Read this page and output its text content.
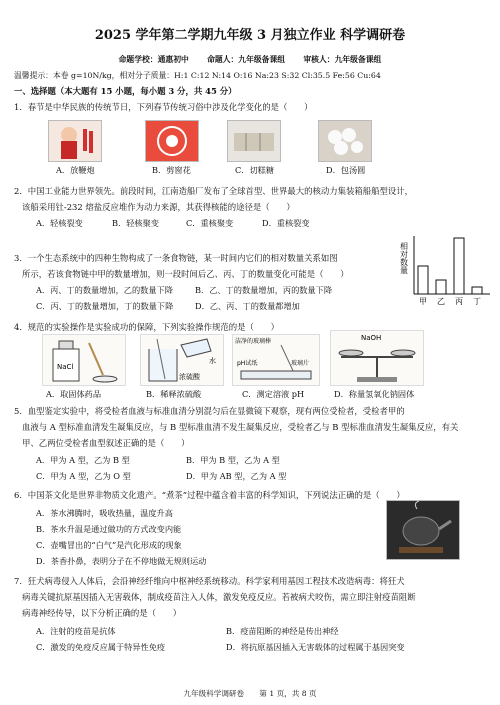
2025 学年第二学期九年级 3 月独立作业 科学调研卷
命题学校：通惠初中   命题人：九年级备课组   审核人：九年级备课组
温馨提示：本卷 g=10N/kg，相对分子质量：H:1 C:12 N:14 O:16 Na:23 S:32 Cl:35.5 Fe:56 Cu:64
一、选择题（本大题有 15 小题，每小题 3 分，共 45 分）
1．春节是中华民族的传统节日，下列春节传统习俗中涉及化学变化的是（　　）
A．放鞭炮	B．剪窗花	C．切糕糖	D．包汤圆
2．中国工业能力世界领先。前段时间，江南造船厂发布了全球首型、世界最大的核动力集装箱船船型设计，
该船采用钍-232 熔盐反应堆作为动力来源，其获得核能的途径是（　　）
A．轻核裂变	B．轻核聚变	C．重核聚变	D．重核裂变
3．一个生态系统中的四种生物构成了一条食物链，某一时间内它们的相对数量关系如图
所示，若该食物链中甲的数量增加，则一段时间后乙、丙、丁的数量变化可能是（　　）
A．丙、丁的数量增加，乙的数量下降	B．乙、丁的数量增加，丙的数量下降
C．丙、丁的数量增加，丁的数量下降	D．乙、丙、丁的数量都增加
相对数量
甲 乙 丙 丁
4．规范的实验操作是实验成功的保障，下列实验操作规范的是（　　）
NaCl
水
浓硫酸
洁净的玻璃棒
pH试纸	玻璃片
NaOH
A．取固体药品	B．稀释浓硫酸	C．测定溶液 pH	D．称量氢氧化钠固体
5．血型鉴定实验中，将受检者血液与标准血清分别混匀后在显微镜下观察，现有两位受检者，受检者甲的
血液与 A 型标准血清发生凝集反应，与 B 型标准血清不发生凝集反应，受检者乙与 B 型标准血清发生凝集反应，有关
甲、乙两位受检者血型叙述正确的是（　　）
A．甲为 A 型，乙为 B 型	B．甲为 B 型，乙为 A 型
C．甲为 A 型，乙为 O 型	D．甲为 AB 型，乙为 A 型
6．中国茶文化是世界非物质文化遗产。“煮茶”过程中蕴含着丰富的科学知识，下列说法正确的是（　　）
A．茶水沸腾时，吸收热量，温度升高
B．茶水升温是通过做功的方式改变内能
C．壶嘴冒出的“白气”是汽化形成的现象
D．茶香扑鼻，表明分子在不停地做无规则运动
7．狂犬病毒侵入人体后，会沿神经纤维向中枢神经系统移动。科学家利用基因工程技术改造病毒：将狂犬
病毒关键抗原基因插入无害载体，制成疫苗注入人体，激发免疫反应。若被病犬咬伤，需立即注射疫苗阻断
病毒神经传导，以下分析正确的是（　　）
A．注射的疫苗是抗体	B．疫苗阻断的神经是传出神经
C．激发的免疫反应属于特异性免疫	D．将抗原基因插入无害载体的过程属于基因突变
九年级科学调研卷　　第 1 页，共 8 页
